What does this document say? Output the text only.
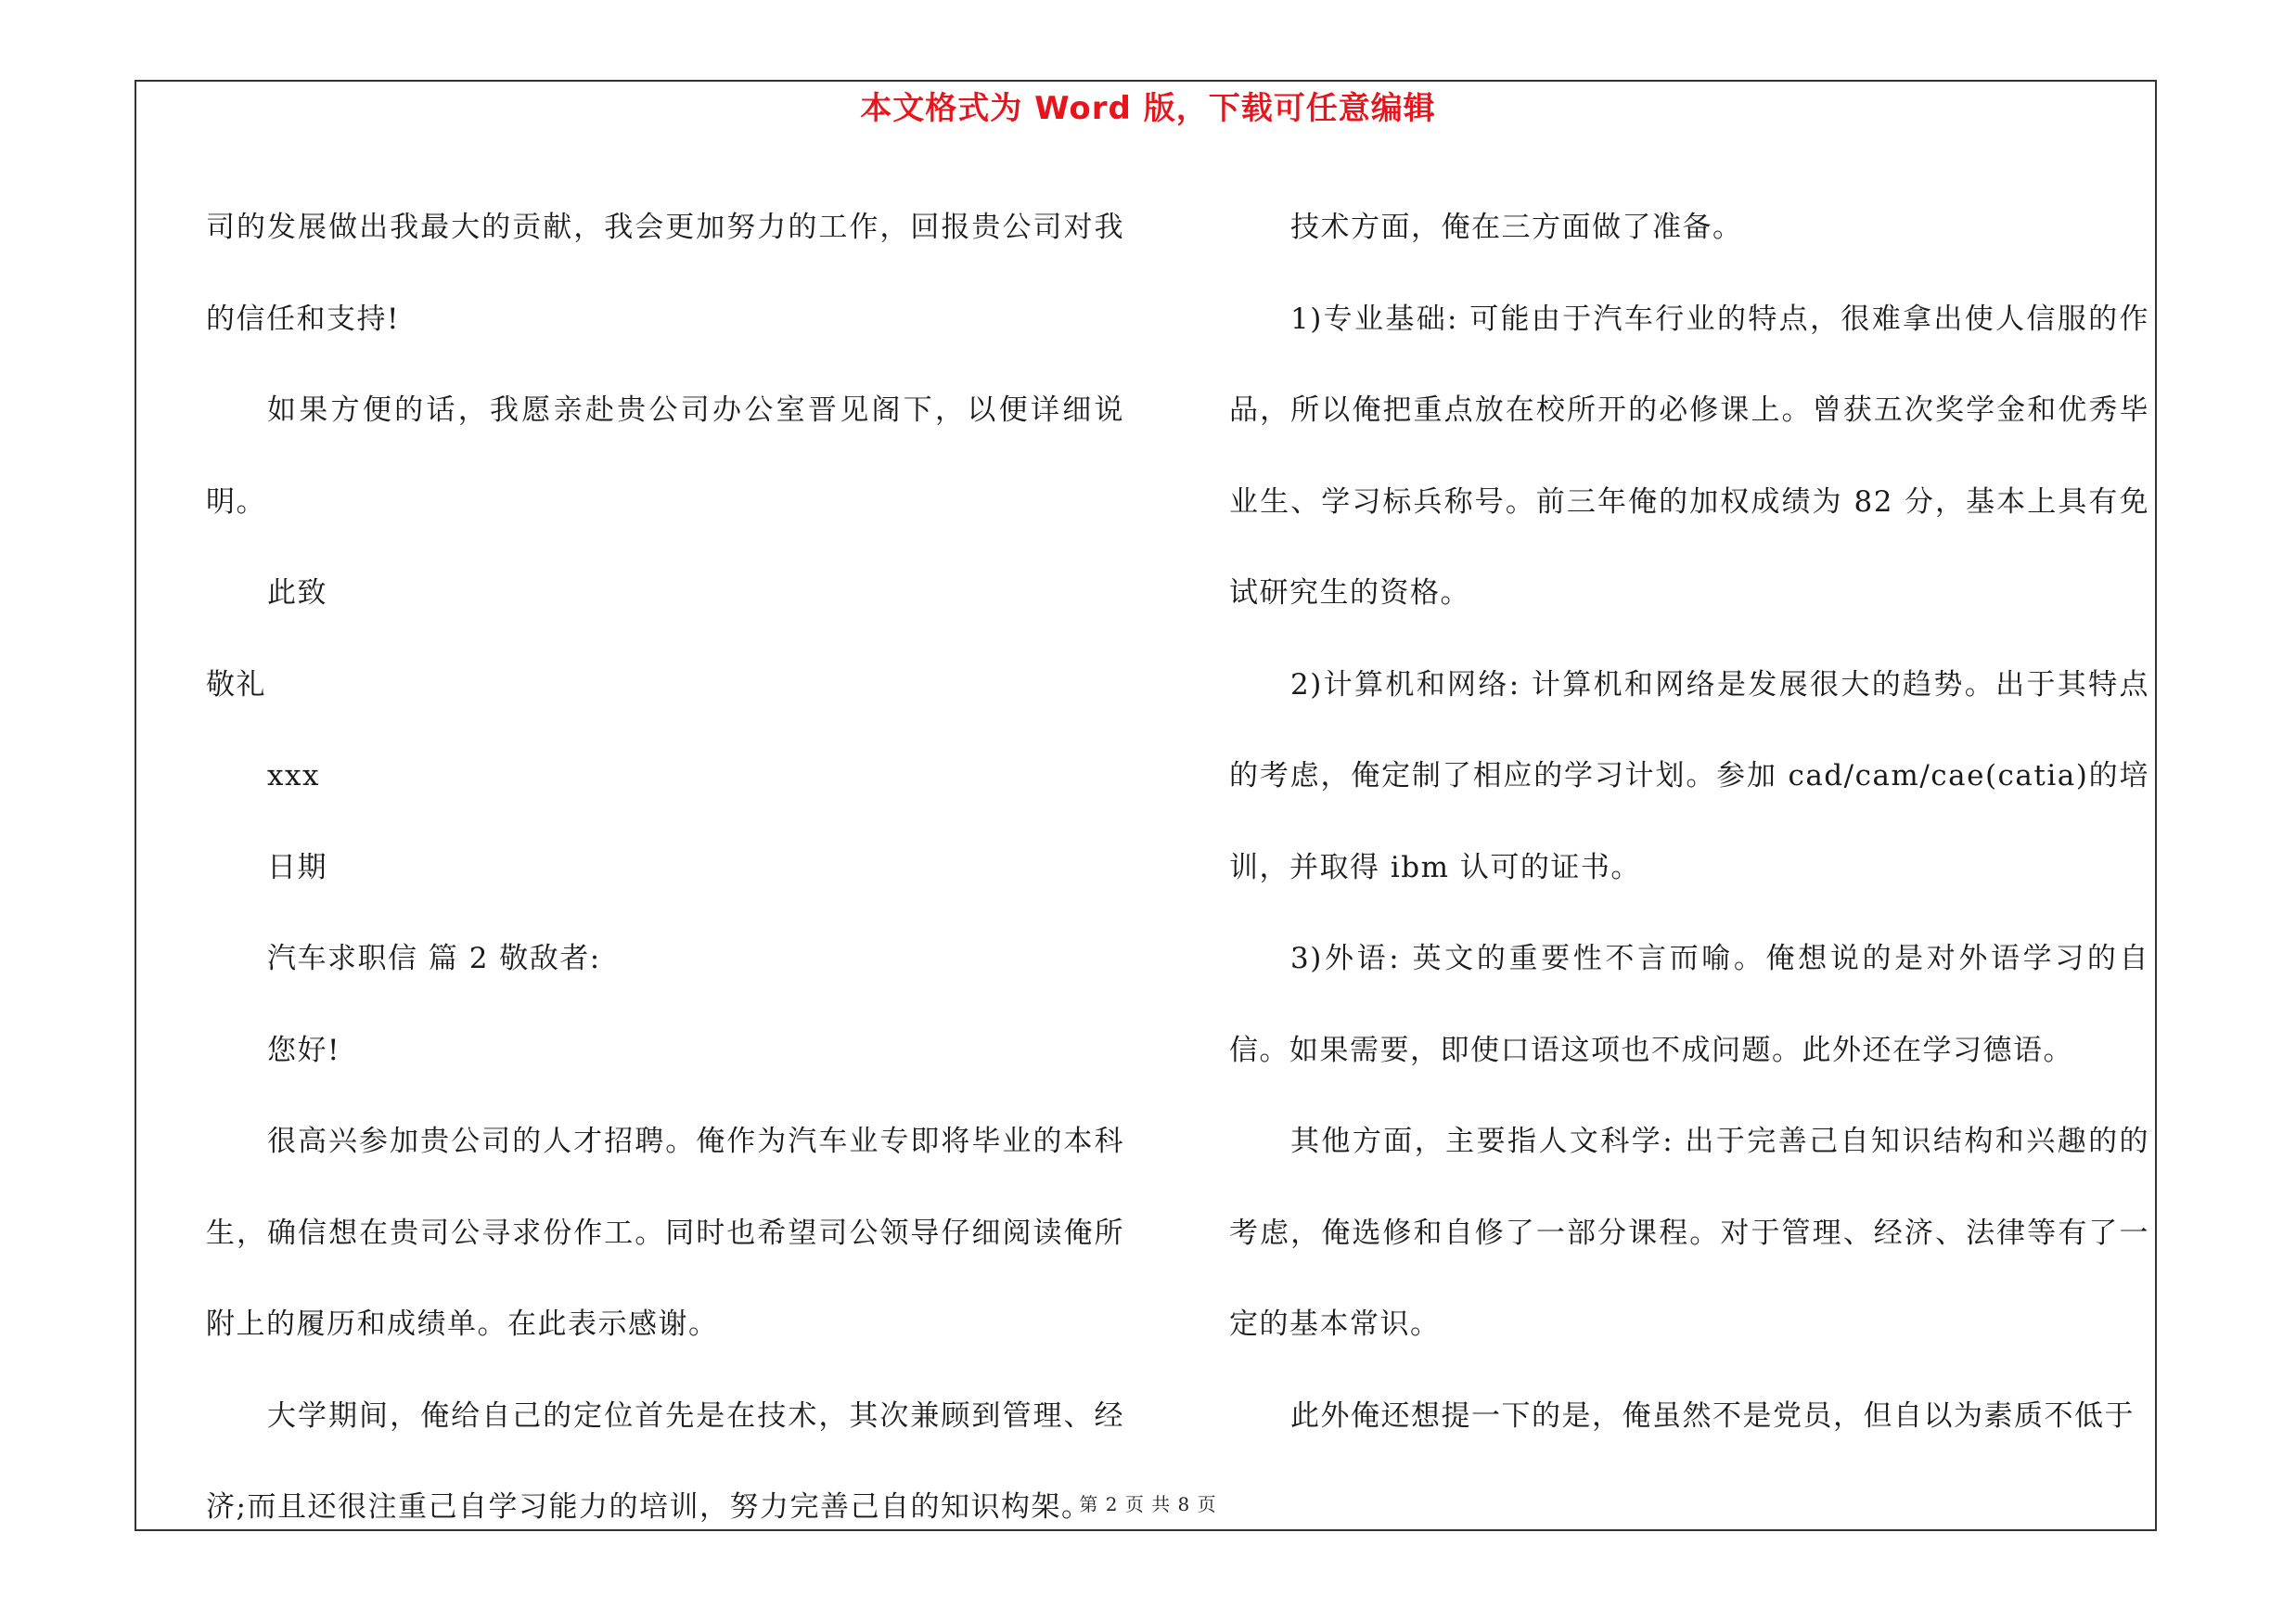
本文格式为 Word 版，下载可任意编辑

司的发展做出我最大的贡献，我会更加努力的工作，回报贵公司对我的信任和支持!

如果方便的话，我愿亲赴贵公司办公室晋见阁下，以便详细说明。

此致

敬礼

xxx

日期

汽车求职信 篇 2 敬敌者:

您好!

很高兴参加贵公司的人才招聘。俺作为汽车业专即将毕业的本科生，确信想在贵司公寻求份作工。同时也希望司公领导仔细阅读俺所附上的履历和成绩单。在此表示感谢。

大学期间，俺给自己的定位首先是在技术，其次兼顾到管理、经济;而且还很注重己自学习能力的培训，努力完善己自的知识构架。

技术方面，俺在三方面做了准备。

1)专业基础: 可能由于汽车行业的特点，很难拿出使人信服的作品，所以俺把重点放在校所开的必修课上。曾获五次奖学金和优秀毕业生、学习标兵称号。前三年俺的加权成绩为 82 分，基本上具有免试研究生的资格。

2)计算机和网络: 计算机和网络是发展很大的趋势。出于其特点的考虑，俺定制了相应的学习计划。参加 cad/cam/cae(catia)的培训，并取得 ibm 认可的证书。

3)外语: 英文的重要性不言而喻。俺想说的是对外语学习的自信。如果需要，即使口语这项也不成问题。此外还在学习德语。

其他方面，主要指人文科学: 出于完善己自知识结构和兴趣的的考虑，俺选修和自修了一部分课程。对于管理、经济、法律等有了一定的基本常识。

此外俺还想提一下的是，俺虽然不是党员，但自以为素质不低于

第 2 页 共 8 页
